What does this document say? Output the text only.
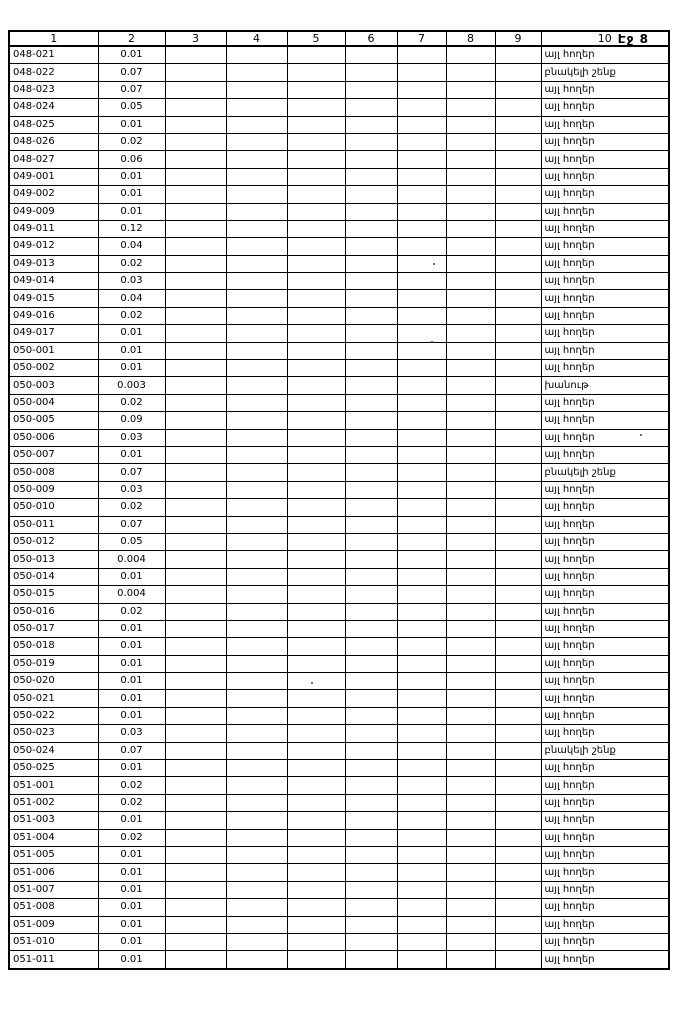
Էջ 8
1	2	3	4	5	6	7	8	9	10
048-021	0.01								այլ հողեր
048-022	0.07								բնակելի շենք
048-023	0.07								այլ հողեր
048-024	0.05								այլ հողեր
048-025	0.01								այլ հողեր
048-026	0.02								այլ հողեր
048-027	0.06								այլ հողեր
049-001	0.01								այլ հողեր
049-002	0.01								այլ հողեր
049-009	0.01								այլ հողեր
049-011	0.12								այլ հողեր
049-012	0.04								այլ հողեր
049-013	0.02								այլ հողեր
049-014	0.03								այլ հողեր
049-015	0.04								այլ հողեր
049-016	0.02								այլ հողեր
049-017	0.01								այլ հողեր
050-001	0.01								այլ հողեր
050-002	0.01								այլ հողեր
050-003	0.003								խանութ
050-004	0.02								այլ հողեր
050-005	0.09								այլ հողեր
050-006	0.03								այլ հողեր
050-007	0.01								այլ հողեր
050-008	0.07								բնակելի շենք
050-009	0.03								այլ հողեր
050-010	0.02								այլ հողեր
050-011	0.07								այլ հողեր
050-012	0.05								այլ հողեր
050-013	0.004								այլ հողեր
050-014	0.01								այլ հողեր
050-015	0.004								այլ հողեր
050-016	0.02								այլ հողեր
050-017	0.01								այլ հողեր
050-018	0.01								այլ հողեր
050-019	0.01								այլ հողեր
050-020	0.01								այլ հողեր
050-021	0.01								այլ հողեր
050-022	0.01								այլ հողեր
050-023	0.03								այլ հողեր
050-024	0.07								բնակելի շենք
050-025	0.01								այլ հողեր
051-001	0.02								այլ հողեր
051-002	0.02								այլ հողեր
051-003	0.01								այլ հողեր
051-004	0.02								այլ հողեր
051-005	0.01								այլ հողեր
051-006	0.01								այլ հողեր
051-007	0.01								այլ հողեր
051-008	0.01								այլ հողեր
051-009	0.01								այլ հողեր
051-010	0.01								այլ հողեր
051-011	0.01								այլ հողեր
